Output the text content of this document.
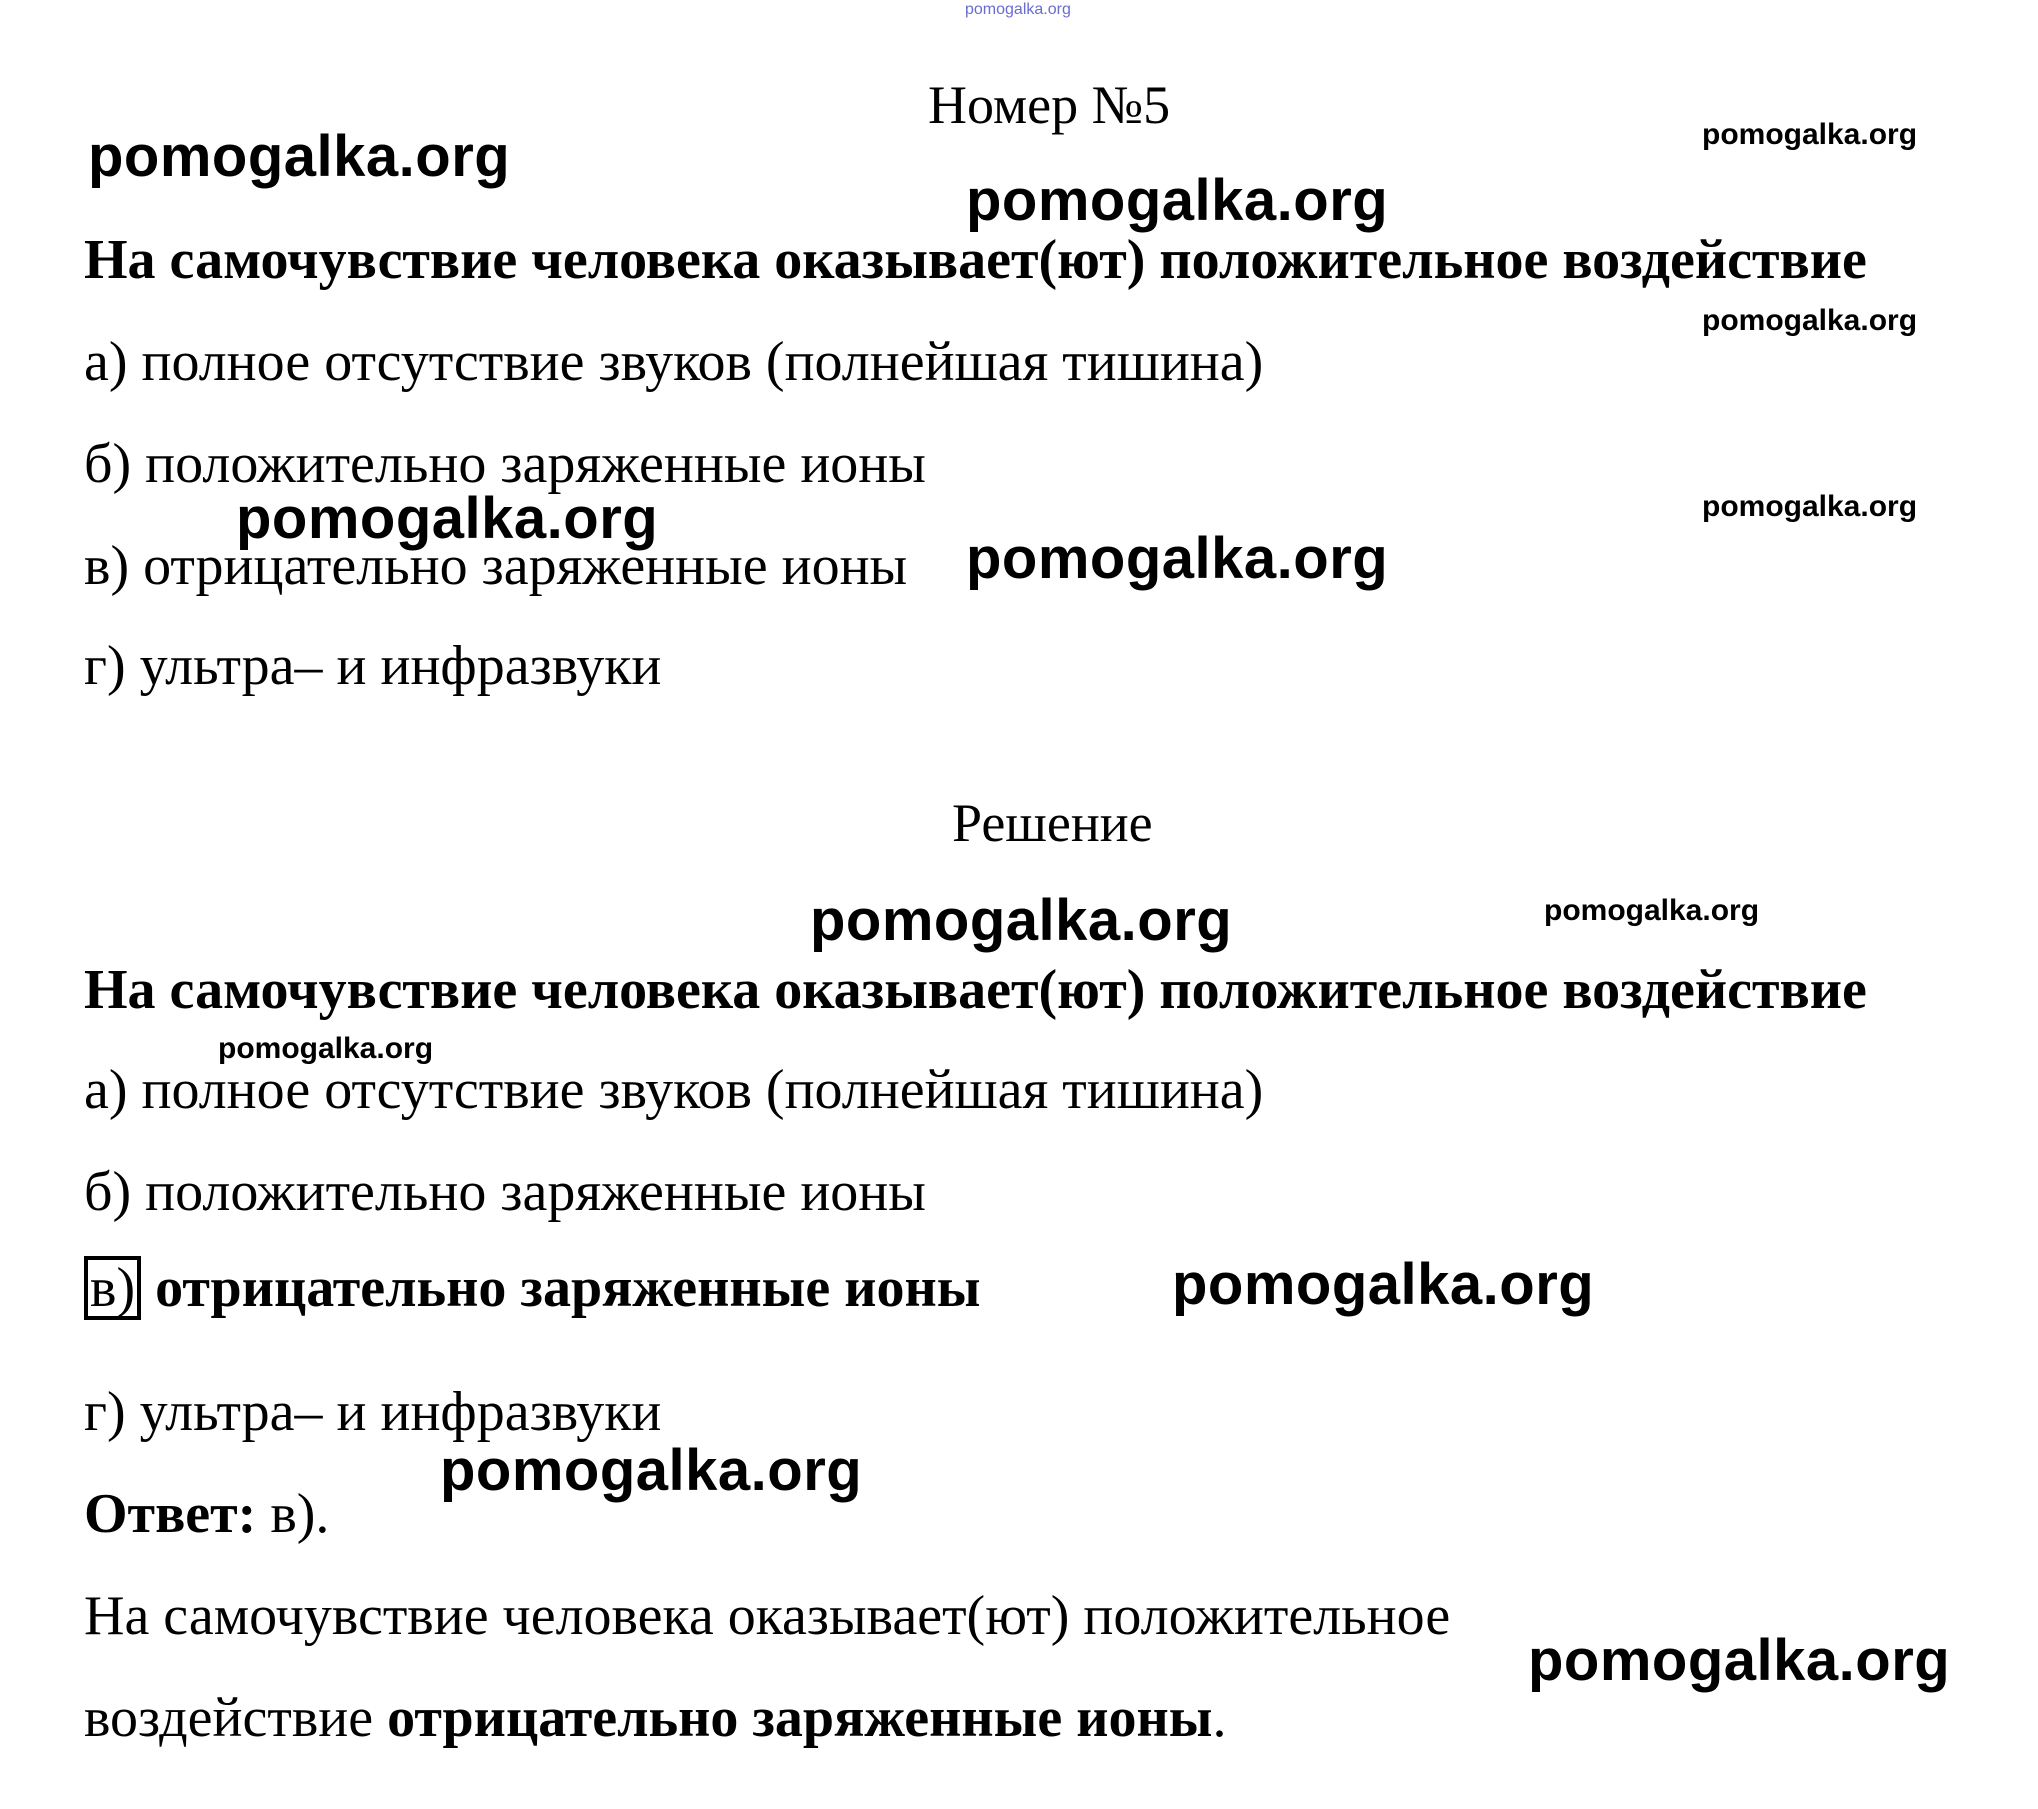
pomogalka.org
Номер №5
pomogalka.org	pomogalka.org
pomogalka.org
На самочувствие человека оказывает(ют) положительное воздействие
pomogalka.org
а) полное отсутствие звуков (полнейшая тишина)
б) положительно заряженные ионы
pomogalka.org
в) отрицательно заряженные ионы
pomogalka.org
pomogalka.org
г) ультра– и инфразвуки
Решение
pomogalka.org	pomogalka.org
На самочувствие человека оказывает(ют) положительное воздействие
pomogalka.org
а) полное отсутствие звуков (полнейшая тишина)
б) положительно заряженные ионы
в) отрицательно заряженные ионы	pomogalka.org
г) ультра– и инфразвуки
pomogalka.org
Ответ: в).
На самочувствие человека оказывает(ют) положительное
pomogalka.org
воздействие отрицательно заряженные ионы.
